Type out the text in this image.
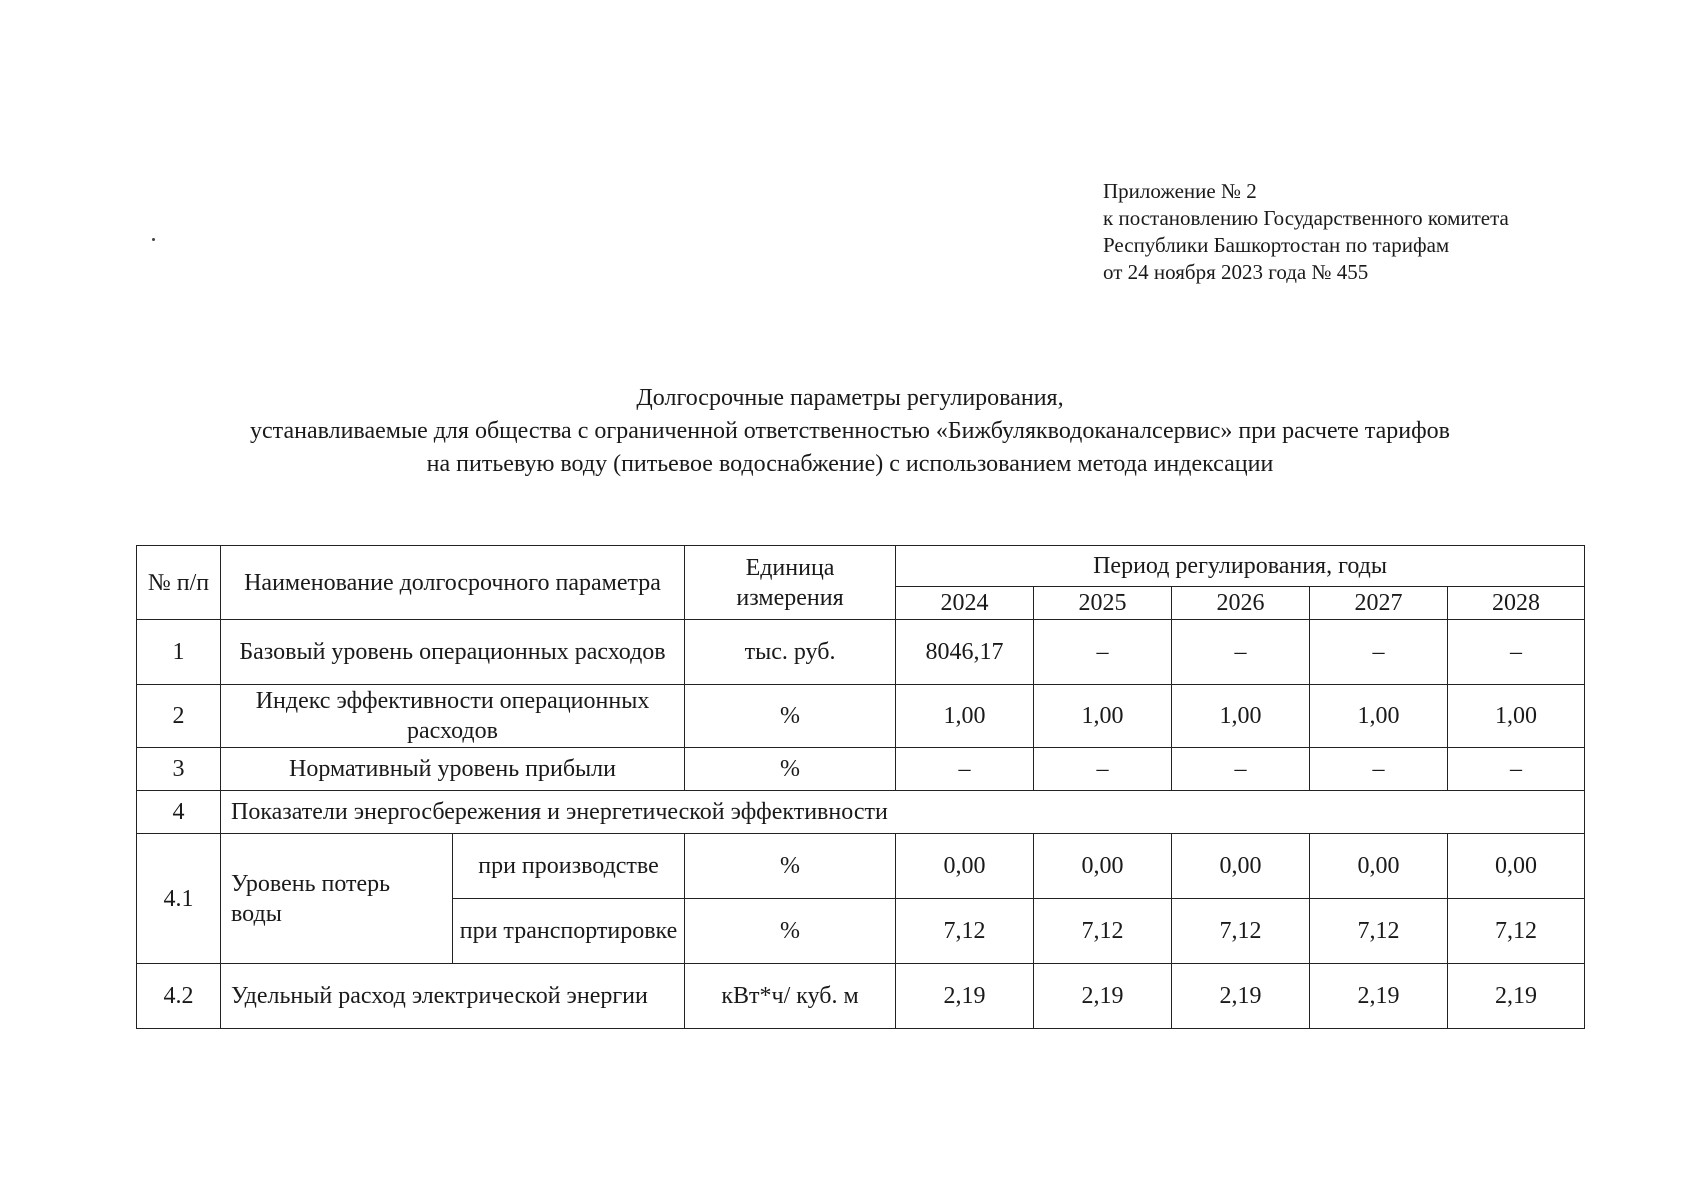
Приложение № 2
к постановлению Государственного комитета
Республики Башкортостан по тарифам
от 24 ноября 2023 года № 455
Долгосрочные параметры регулирования,
устанавливаемые для общества с ограниченной ответственностью «Бижбулякводоканалсервис» при расчете тарифов
на питьевую воду (питьевое водоснабжение) с использованием метода индексации
№ п/п	Наименование долгосрочного параметра		Единица измерения	Период регулирования, годы				
				2024	2025	2026	2027	2028
1	Базовый уровень операционных расходов		тыс. руб.	8046,17	–	–	–	–
2	Индекс эффективности операционных расходов		%	1,00	1,00	1,00	1,00	1,00
3	Нормативный уровень прибыли		%	–	–	–	–	–
4	Показатели энергосбережения и энергетической эффективности							
4.1	Уровень потерь воды	при производстве	%	0,00	0,00	0,00	0,00	0,00
		при транспортировке	%	7,12	7,12	7,12	7,12	7,12
4.2	Удельный расход электрической энергии		кВт*ч/ куб. м	2,19	2,19	2,19	2,19	2,19
